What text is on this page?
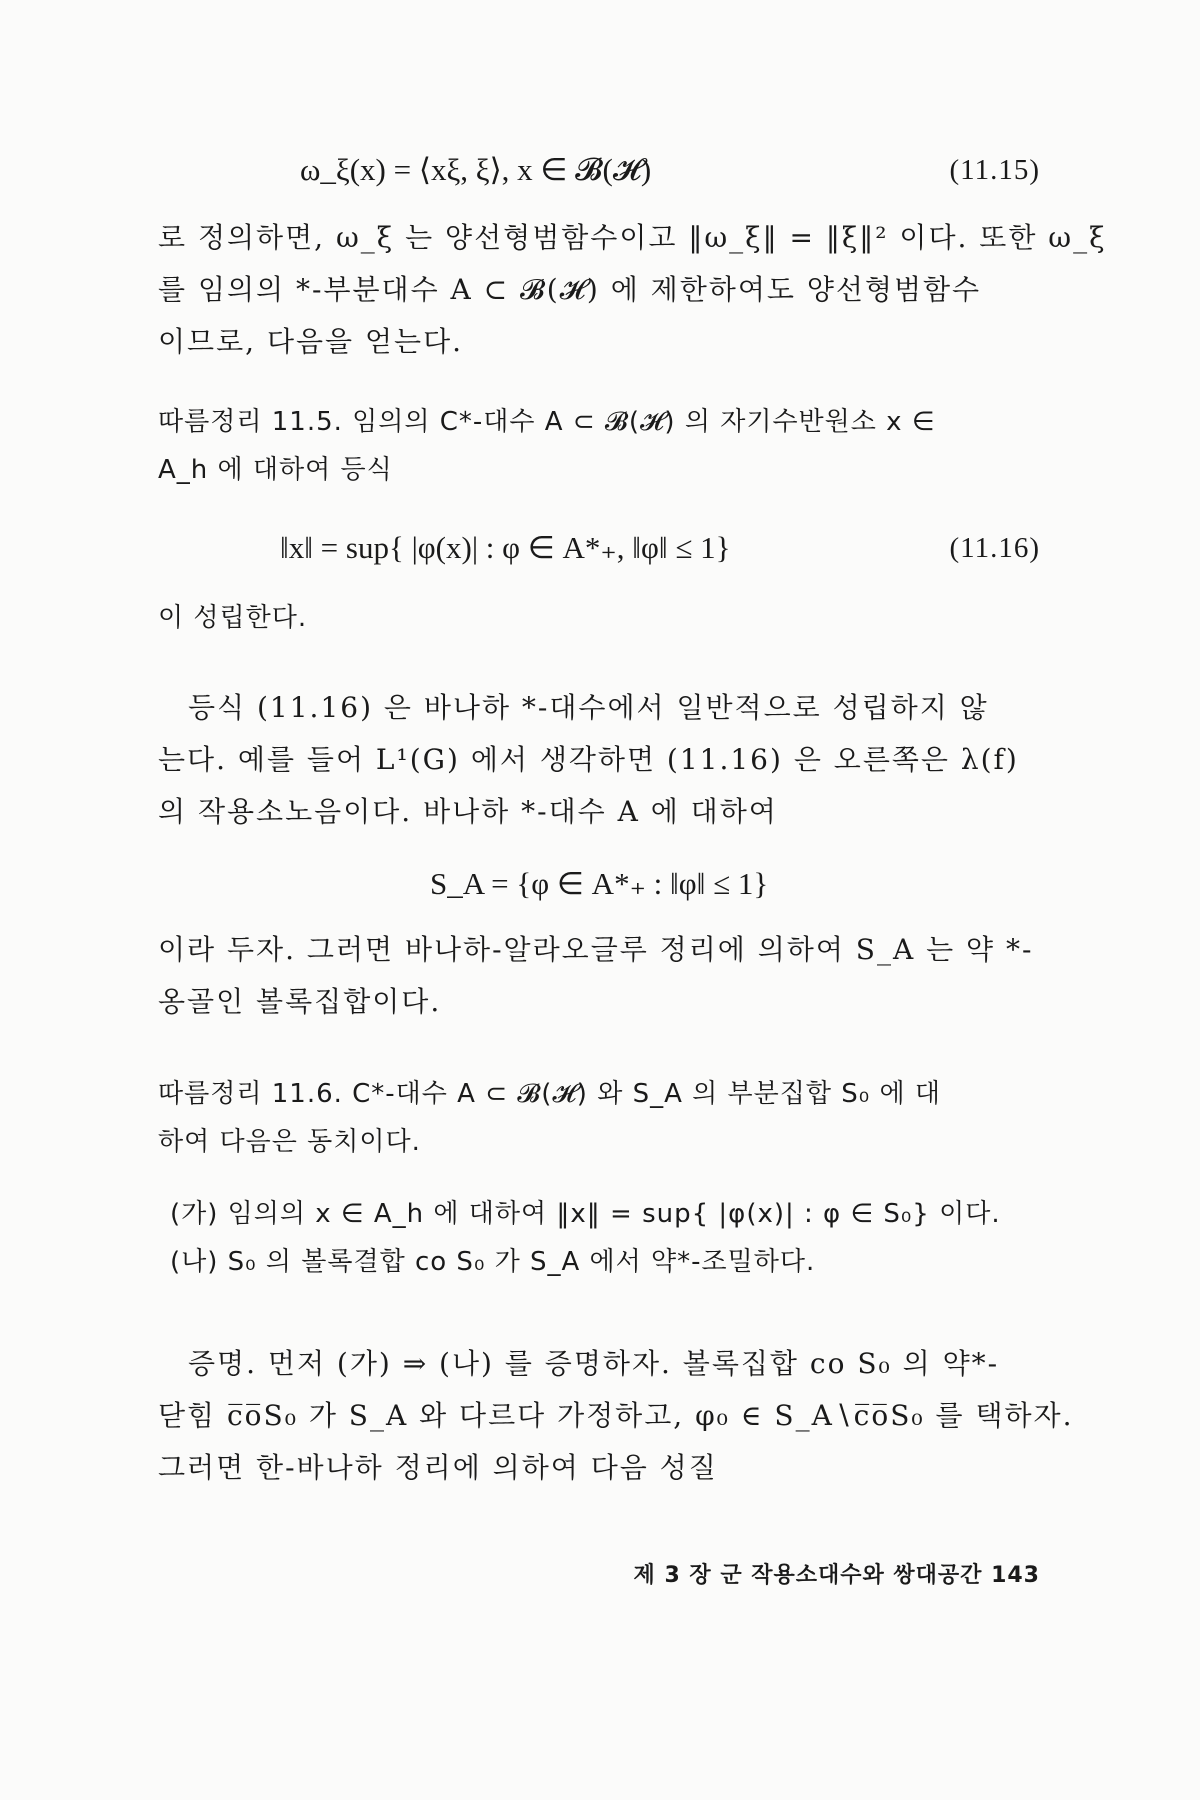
ω_ξ(x) = ⟨xξ, ξ⟩, x ∈ 𝓑(𝓗)	(11.15)
로 정의하면, ω_ξ 는 양선형범함수이고 ‖ω_ξ‖ = ‖ξ‖² 이다. 또한 ω_ξ
를 임의의 *-부분대수 A ⊂ 𝓑(𝓗) 에 제한하여도 양선형범함수
이므로, 다음을 얻는다.
따름정리 11.5. 임의의 C*-대수 A ⊂ 𝓑(𝓗) 의 자기수반원소 x ∈
A_h 에 대하여 등식
‖x‖ = sup{ |φ(x)| : φ ∈ A*₊, ‖φ‖ ≤ 1}	(11.16)
이 성립한다.
등식 (11.16) 은 바나하 *-대수에서 일반적으로 성립하지 않
는다. 예를 들어 L¹(G) 에서 생각하면 (11.16) 은 오른쪽은 λ(f)
의 작용소노음이다. 바나하 *-대수 A 에 대하여
S_A = {φ ∈ A*₊ : ‖φ‖ ≤ 1}
이라 두자. 그러면 바나하-알라오글루 정리에 의하여 S_A 는 약 *-
옹골인 볼록집합이다.
따름정리 11.6. C*-대수 A ⊂ 𝓑(𝓗) 와 S_A 의 부분집합 S₀ 에 대
하여 다음은 동치이다.
(가) 임의의 x ∈ A_h 에 대하여 ‖x‖ = sup{ |φ(x)| : φ ∈ S₀} 이다.
(나) S₀ 의 볼록결합 co S₀ 가 S_A 에서 약*-조밀하다.
증명. 먼저 (가) ⇒ (나) 를 증명하자. 볼록집합 co S₀ 의 약*-
닫힘 c̅o̅S₀ 가 S_A 와 다르다 가정하고, φ₀ ∈ S_A∖c̅o̅S₀ 를 택하자.
그러면 한-바나하 정리에 의하여 다음 성질
제 3 장 군 작용소대수와 쌍대공간 143
